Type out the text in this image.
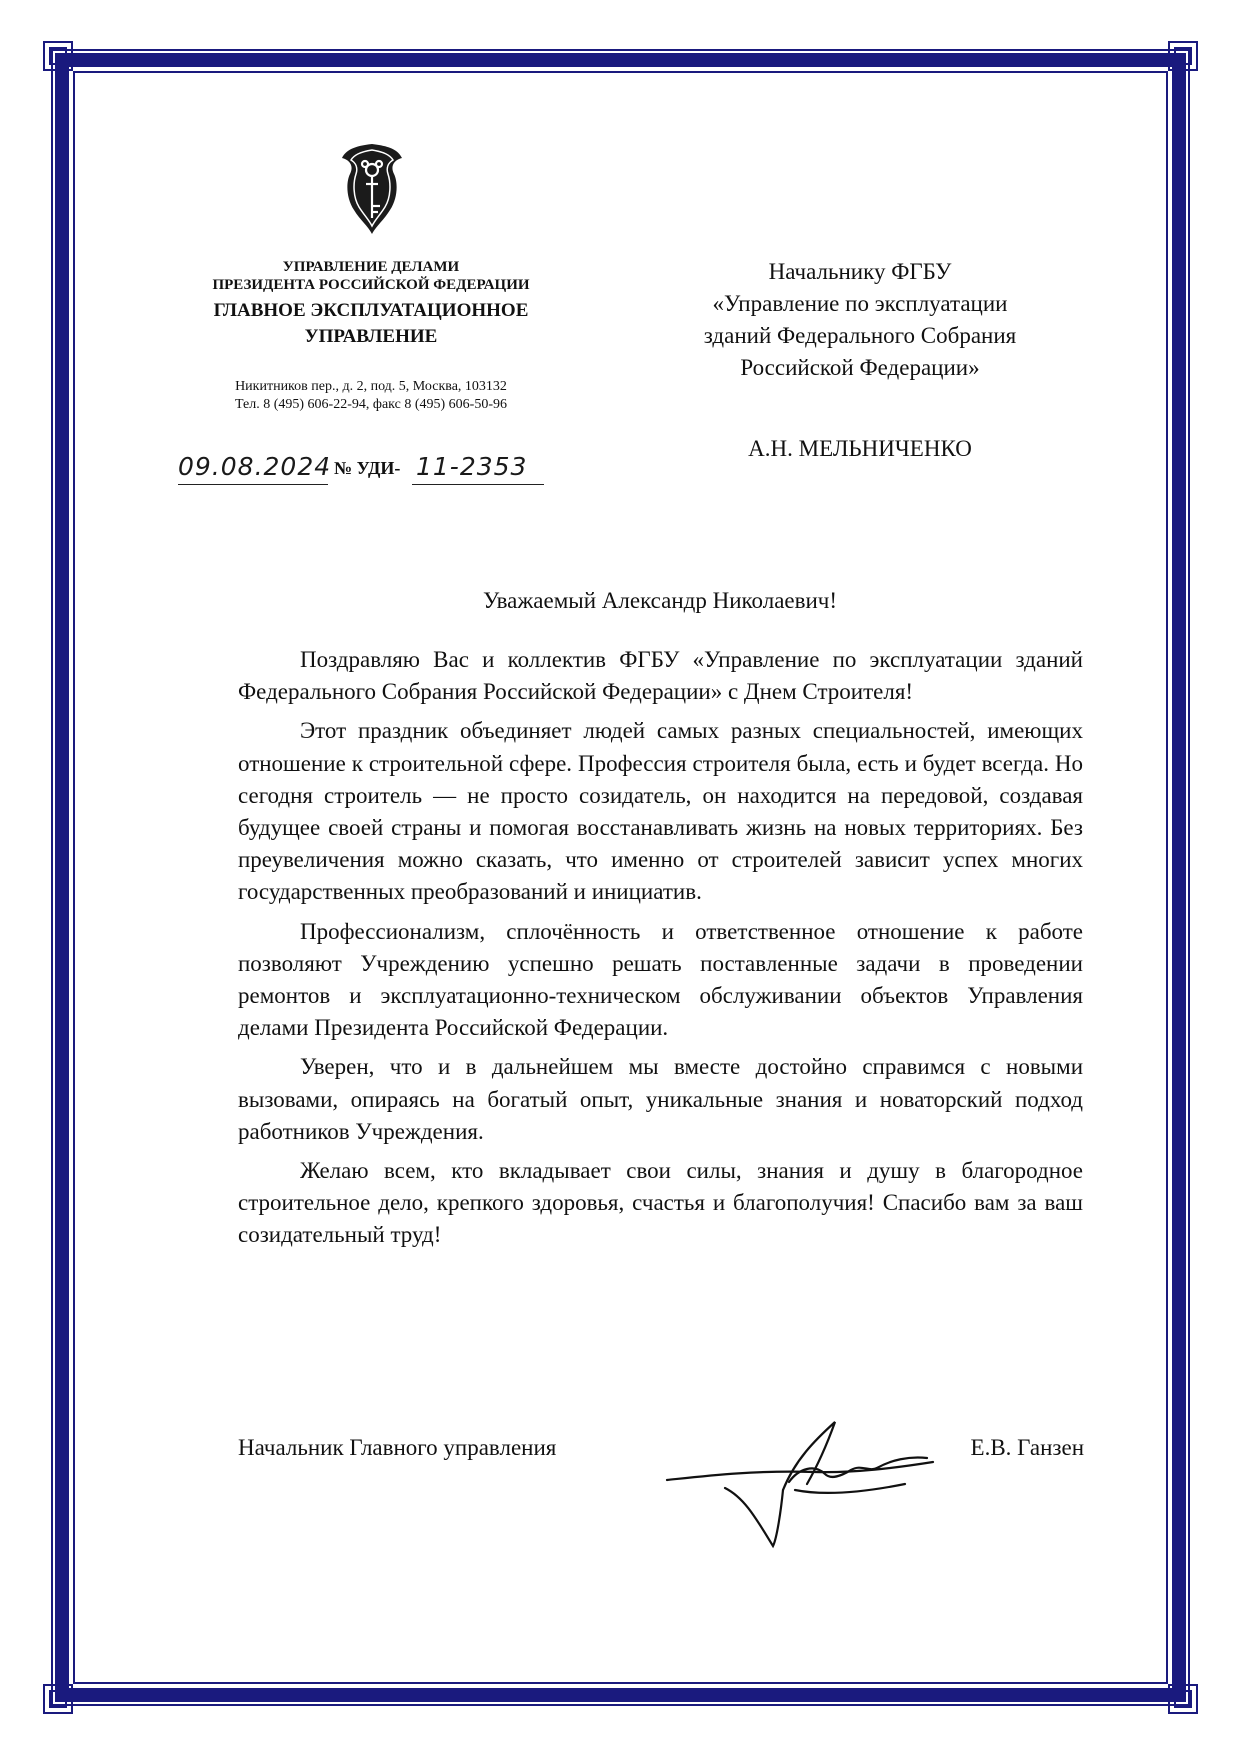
УПРАВЛЕНИЕ ДЕЛАМИ
ПРЕЗИДЕНТА РОССИЙСКОЙ ФЕДЕРАЦИИ
ГЛАВНОЕ ЭКСПЛУАТАЦИОННОЕ
УПРАВЛЕНИЕ
Никитников пер., д. 2, под. 5, Москва, 103132
Тел. 8 (495) 606-22-94, факс 8 (495) 606-50-96
09.08.2024 № УДИ- 11-2353
Начальнику ФГБУ
«Управление по эксплуатации
зданий Федерального Собрания
Российской Федерации»
А.Н. МЕЛЬНИЧЕНКО
Уважаемый Александр Николаевич!

Поздравляю Вас и коллектив ФГБУ «Управление по эксплуатации зданий Федерального Собрания Российской Федерации» с Днем Строителя!

Этот праздник объединяет людей самых разных специальностей, имеющих отношение к строительной сфере. Профессия строителя была, есть и будет всегда. Но сегодня строитель — не просто созидатель, он находится на передовой, создавая будущее своей страны и помогая восстанавливать жизнь на новых территориях. Без преувеличения можно сказать, что именно от строителей зависит успех многих государственных преобразований и инициатив.

Профессионализм, сплочённость и ответственное отношение к работе позволяют Учреждению успешно решать поставленные задачи в проведении ремонтов и эксплуатационно-техническом обслуживании объектов Управления делами Президента Российской Федерации.

Уверен, что и в дальнейшем мы вместе достойно справимся с новыми вызовами, опираясь на богатый опыт, уникальные знания и новаторский подход работников Учреждения.

Желаю всем, кто вкладывает свои силы, знания и душу в благородное строительное дело, крепкого здоровья, счастья и благополучия! Спасибо вам за ваш созидательный труд!

Начальник Главного управления	Е.В. Ганзен
